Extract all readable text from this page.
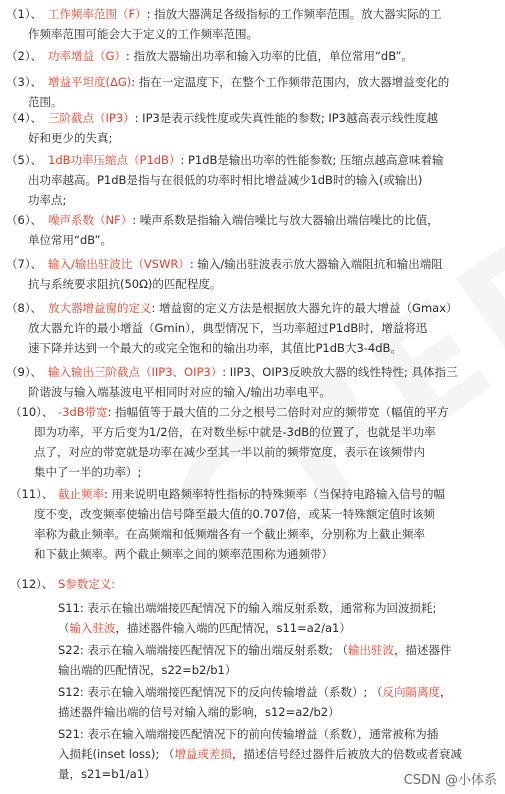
（1）、 工作频率范围（F） : 指放大器满足各级指标的工作频率范围。放大器实际的工
作频率范围可能会大于定义的工作频率范围。
（2）、 功率增益（G） : 指放大器输出功率和输入功率的比值，单位常用“dB”。
（3）、 增益平坦度(ΔG) : 指在一定温度下，在整个工作频带范围内，放大器增益变化的
范围。
（4）、 三阶截点（IP3） : IP3是表示线性度或失真性能的参数; IP3越高表示线性度越
好和更少的失真;
（5）、 1dB功率压缩点（P1dB） : P1dB是输出功率的性能参数; 压缩点越高意味着输
出功率越高。P1dB是指与在很低的功率时相比增益减少1dB时的输入(或输出)
功率点;
（6）、 噪声系数（NF） : 噪声系数是指输入端信噪比与放大器输出端信噪比的比值，
单位常用“dB”。
（7）、 输入/输出驻波比（VSWR） : 输入/输出驻波表示放大器输入端阻抗和输出端阻
抗与系统要求阻抗(50Ω)的匹配程度。
（8）、 放大器增益窗的定义 : 增益窗的定义方法是根据放大器允许的最大增益（Gmax）
放大器允许的最小增益（Gmin），典型情况下，当功率超过P1dB时，增益将迅
速下降并达到一个最大的或完全饱和的输出功率，其值比P1dB大3-4dB。
（9）、 输入输出三阶截点（IIP3、OIP3） : IIP3、OIP3反映放大器的线性特性; 具体指三
阶谐波与输入端基波电平相同时对应的输入/输出功率电平。
（10）、 -3dB带宽 : 指幅值等于最大值的二分之根号二倍时对应的频带宽（幅值的平方
即为功率，平方后变为1/2倍，在对数坐标中就是-3dB的位置了，也就是半功率
点了，对应的带宽就是功率在减少至其一半以前的频带宽度，表示在该频带内
集中了一半的功率）;
（11）、 截止频率 : 用来说明电路频率特性指标的特殊频率（当保持电路输入信号的幅
度不变，改变频率使输出信号降至最大值的0.707倍，或某一特殊额定值时该频
率称为截止频率。在高频端和低频端各有一个截止频率，分别称为上截止频率
和下截止频率。两个截止频率之间的频率范围称为通频带）
（12）、 S参数定义:
S11: 表示在输出端端接匹配情况下的输入端反射系数，通常称为回波损耗;
（输入驻波，描述器件输入端的匹配情况，s11=a2/a1）
S22: 表示在输入端端接匹配情况下的输出端反射系数; （输出驻波，描述器件
输出端的匹配情况，s22=b2/b1）
S12: 表示在输入端端接匹配情况下的反向传输增益（系数）; （反向隔离度，
描述器件输出端的信号对输入端的影响，s12=a2/b2）
S21: 表示在输入端端接匹配情况下的前向传输增益（系数），通常被称为插
入损耗(inset loss); （增益或差损，描述信号经过器件后被放大的倍数或者衰减
量，s21=b1/a1）	CSDN @小体系
